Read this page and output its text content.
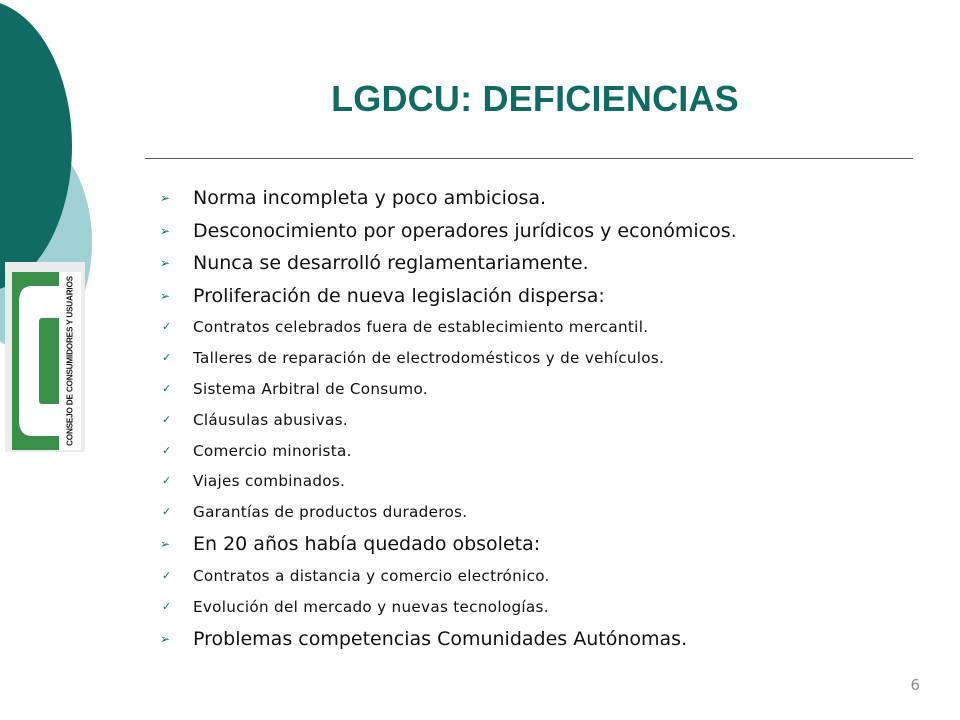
CONSEJO DE CONSUMIDORES Y USUARIOS
LGDCU: DEFICIENCIAS
➢ Norma incompleta y poco ambiciosa.
➢ Desconocimiento por operadores jurídicos y económicos.
➢ Nunca se desarrolló reglamentariamente.
➢ Proliferación de nueva legislación dispersa:
✓ Contratos celebrados fuera de establecimiento mercantil.
✓ Talleres de reparación de electrodomésticos y de vehículos.
✓ Sistema Arbitral de Consumo.
✓ Cláusulas abusivas.
✓ Comercio minorista.
✓ Viajes combinados.
✓ Garantías de productos duraderos.
➢ En 20 años había quedado obsoleta:
✓ Contratos a distancia y comercio electrónico.
✓ Evolución del mercado y nuevas tecnologías.
➢ Problemas competencias Comunidades Autónomas.
6
